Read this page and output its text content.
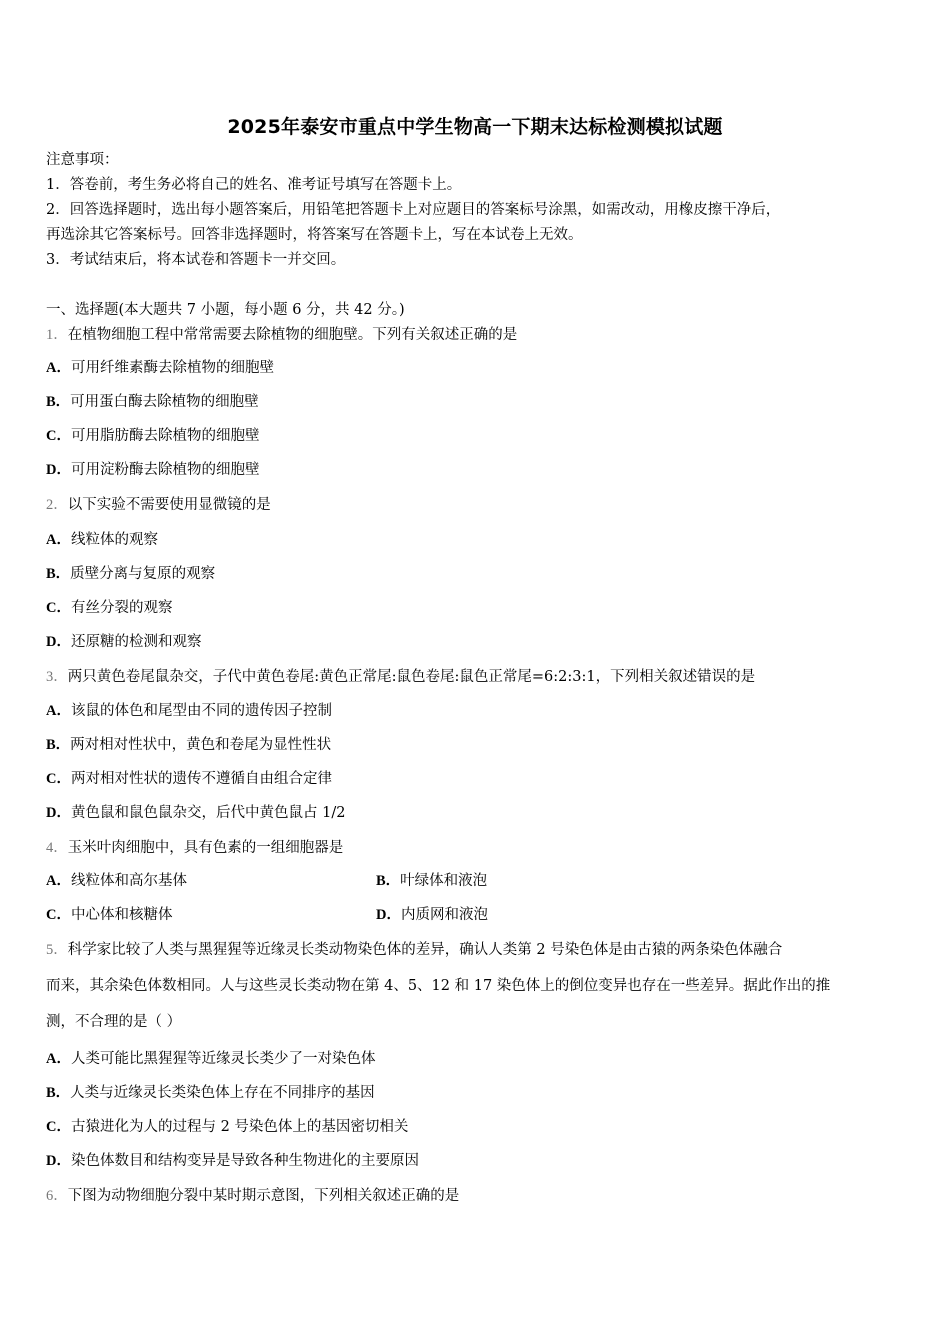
2025年泰安市重点中学生物高一下期末达标检测模拟试题
注意事项：
1．答卷前，考生务必将自己的姓名、准考证号填写在答题卡上。
2．回答选择题时，选出每小题答案后，用铅笔把答题卡上对应题目的答案标号涂黑，如需改动，用橡皮擦干净后，
再选涂其它答案标号。回答非选择题时，将答案写在答题卡上，写在本试卷上无效。
3．考试结束后，将本试卷和答题卡一并交回。
一、选择题(本大题共 7 小题，每小题 6 分，共 42 分。)
1．在植物细胞工程中常常需要去除植物的细胞壁。下列有关叙述正确的是
A．可用纤维素酶去除植物的细胞壁
B．可用蛋白酶去除植物的细胞壁
C．可用脂肪酶去除植物的细胞壁
D．可用淀粉酶去除植物的细胞壁
2．以下实验不需要使用显微镜的是
A．线粒体的观察
B．质壁分离与复原的观察
C．有丝分裂的观察
D．还原糖的检测和观察
3．两只黄色卷尾鼠杂交，子代中黄色卷尾:黄色正常尾:鼠色卷尾:鼠色正常尾=6:2:3:1，下列相关叙述错误的是
A．该鼠的体色和尾型由不同的遗传因子控制
B．两对相对性状中，黄色和卷尾为显性性状
C．两对相对性状的遗传不遵循自由组合定律
D．黄色鼠和鼠色鼠杂交，后代中黄色鼠占 1/2
4．玉米叶肉细胞中，具有色素的一组细胞器是
A．线粒体和高尔基体	B．叶绿体和液泡
C．中心体和核糖体	D．内质网和液泡
5．科学家比较了人类与黑猩猩等近缘灵长类动物染色体的差异，确认人类第 2 号染色体是由古猿的两条染色体融合
而来，其余染色体数相同。人与这些灵长类动物在第 4、5、12 和 17 染色体上的倒位变异也存在一些差异。据此作出的推
测，不合理的是（ ）
A．人类可能比黑猩猩等近缘灵长类少了一对染色体
B．人类与近缘灵长类染色体上存在不同排序的基因
C．古猿进化为人的过程与 2 号染色体上的基因密切相关
D．染色体数目和结构变异是导致各种生物进化的主要原因
6．下图为动物细胞分裂中某时期示意图，下列相关叙述正确的是
